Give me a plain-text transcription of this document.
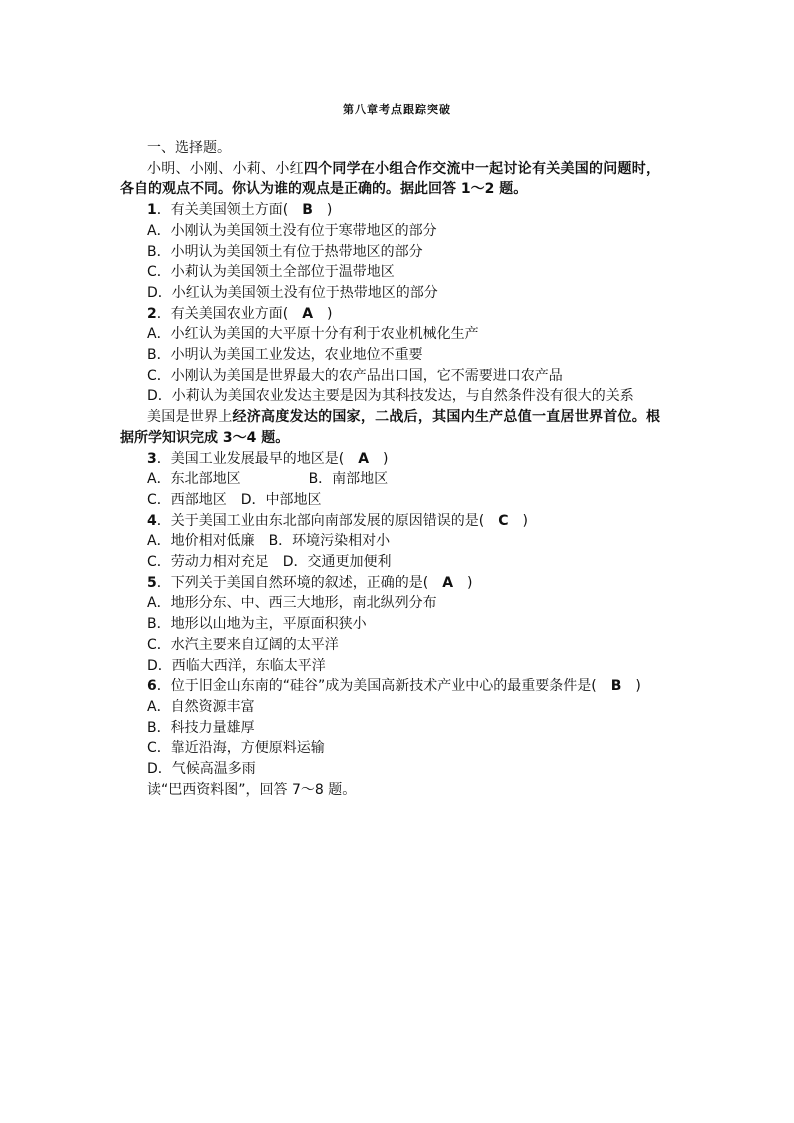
第八章考点跟踪突破
一、选择题。
小明、小刚、小莉、小红四个同学在小组合作交流中一起讨论有关美国的问题时，各自的观点不同。你认为谁的观点是正确的。据此回答 1～2 题。
1．有关美国领土方面(　B　)
A．小刚认为美国领土没有位于寒带地区的部分
B．小明认为美国领土有位于热带地区的部分
C．小莉认为美国领土全部位于温带地区
D．小红认为美国领土没有位于热带地区的部分
2．有关美国农业方面(　A　)
A．小红认为美国的大平原十分有利于农业机械化生产
B．小明认为美国工业发达，农业地位不重要
C．小刚认为美国是世界最大的农产品出口国，它不需要进口农产品
D．小莉认为美国农业发达主要是因为其科技发达，与自然条件没有很大的关系
美国是世界上经济高度发达的国家，二战后，其国内生产总值一直居世界首位。根据所学知识完成 3～4 题。
3．美国工业发展最早的地区是(　A　)
A．东北部地区	B．南部地区
C．西部地区　D．中部地区
4．关于美国工业由东北部向南部发展的原因错误的是(　C　)
A．地价相对低廉　B．环境污染相对小
C．劳动力相对充足　D．交通更加便利
5．下列关于美国自然环境的叙述，正确的是(　A　)
A．地形分东、中、西三大地形，南北纵列分布
B．地形以山地为主，平原面积狭小
C．水汽主要来自辽阔的太平洋
D．西临大西洋，东临太平洋
6．位于旧金山东南的“硅谷”成为美国高新技术产业中心的最重要条件是(　B　)
A．自然资源丰富
B．科技力量雄厚
C．靠近沿海，方便原料运输
D．气候高温多雨
读“巴西资料图”，回答 7～8 题。
